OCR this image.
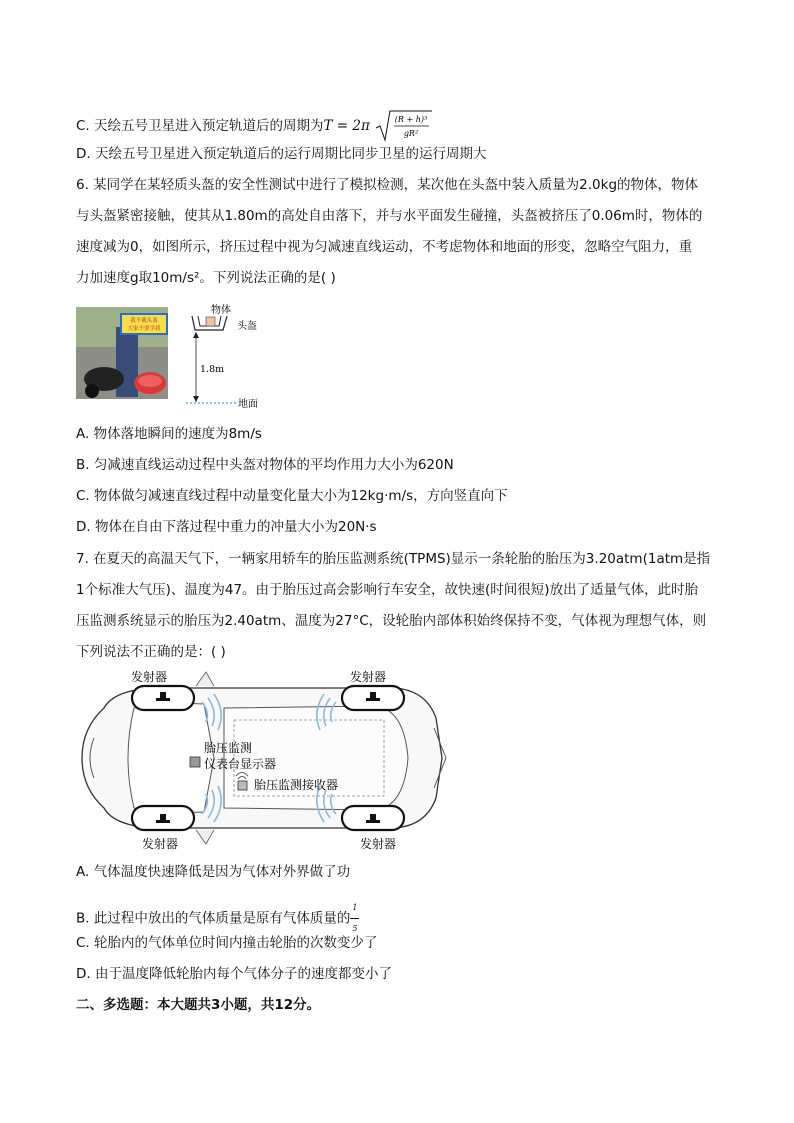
C. 天绘五号卫星进入预定轨道后的周期为T = 2π	(R + h)³
gR²
D. 天绘五号卫星进入预定轨道后的运行周期比同步卫星的运行周期大
6. 某同学在某轻质头盔的安全性测试中进行了模拟检测，某次他在头盔中装入质量为2.0kg的物体，物体
与头盔紧密接触，使其从1.80m的高处自由落下，并与水平面发生碰撞，头盔被挤压了0.06m时，物体的
速度减为0，如图所示，挤压过程中视为匀减速直线运动，不考虑物体和地面的形变，忽略空气阻力，重
力加速度g取10m/s²。下列说法正确的是( )
我不戴头盔
大家不要学我
物体
头盔
1.8m
地面
A. 物体落地瞬间的速度为8m/s
B. 匀减速直线运动过程中头盔对物体的平均作用力大小为620N
C. 物体做匀减速直线过程中动量变化量大小为12kg·m/s，方向竖直向下
D. 物体在自由下落过程中重力的冲量大小为20N·s
7. 在夏天的高温天气下，一辆家用轿车的胎压监测系统(TPMS)显示一条轮胎的胎压为3.20atm(1atm是指
1个标准大气压)、温度为47。由于胎压过高会影响行车安全，故快速(时间很短)放出了适量气体，此时胎
压监测系统显示的胎压为2.40atm、温度为27°C，设轮胎内部体积始终保持不变，气体视为理想气体，则
下列说法不正确的是：( )
发射器	发射器
发射器	发射器
胎压监测
仪表台显示器
胎压监测接收器
A. 气体温度快速降低是因为气体对外界做了功
B. 此过程中放出的气体质量是原有气体质量的 $\frac{1}{5}$
C. 轮胎内的气体单位时间内撞击轮胎的次数变少了
D. 由于温度降低轮胎内每个气体分子的速度都变小了
二、多选题：本大题共3小题，共12分。
